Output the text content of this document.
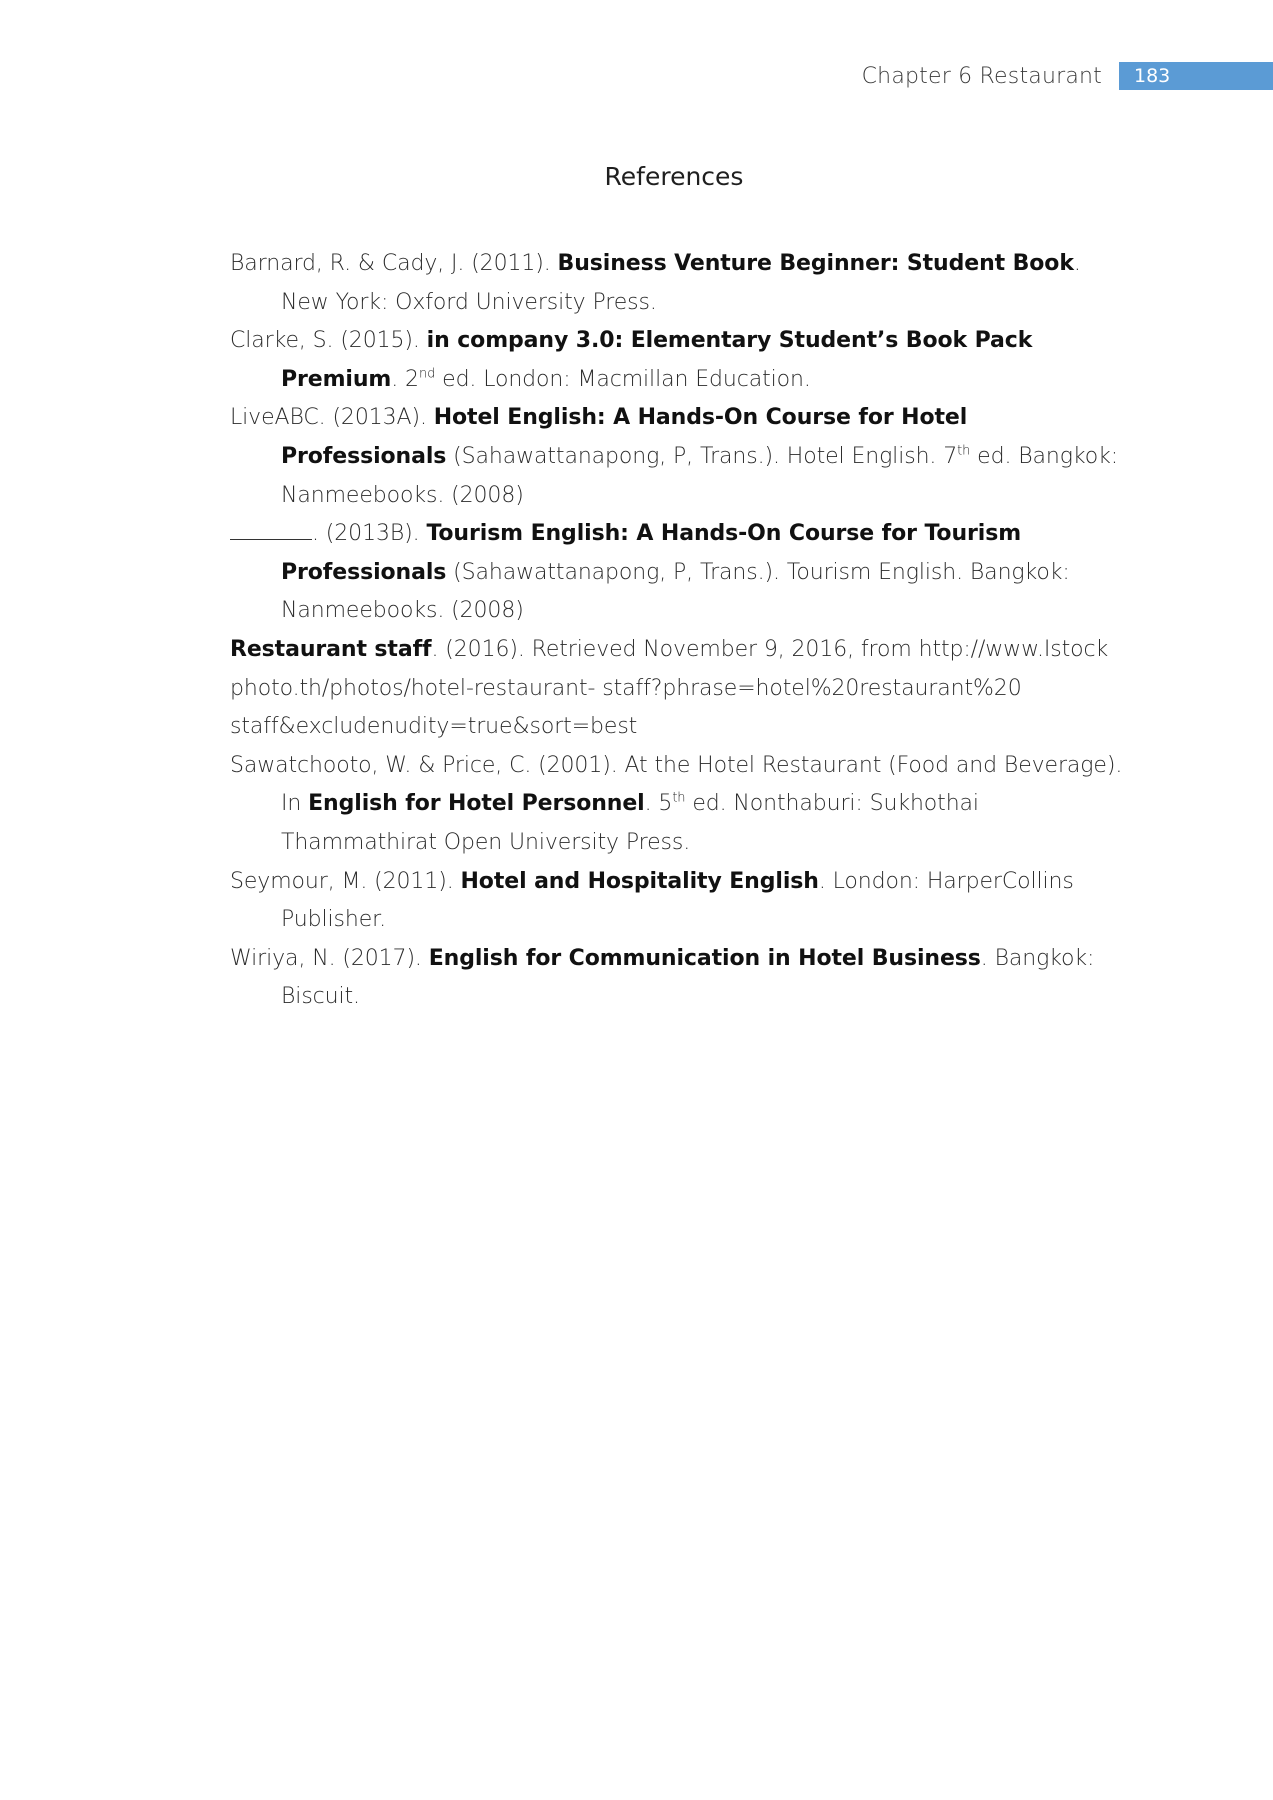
Chapter 6 Restaurant	183
References
Barnard, R. & Cady, J. (2011). Business Venture Beginner: Student Book. New York: Oxford University Press.
Clarke, S. (2015). in company 3.0: Elementary Student’s Book Pack Premium. 2nd ed. London: Macmillan Education.
LiveABC. (2013A). Hotel English: A Hands-On Course for Hotel Professionals (Sahawattanapong, P, Trans.). Hotel English. 7th ed. Bangkok: Nanmeebooks. (2008)
. (2013B). Tourism English: A Hands-On Course for Tourism Professionals (Sahawattanapong, P, Trans.). Tourism English. Bangkok: Nanmeebooks. (2008)
Restaurant staff. (2016). Retrieved November 9, 2016, from http://www.Istock
photo.th/photos/hotel-restaurant- staff?phrase=hotel%20restaurant%20
staff&excludenudity=true&sort=best
Sawatchooto, W. & Price, C. (2001). At the Hotel Restaurant (Food and Beverage). In English for Hotel Personnel. 5th ed. Nonthaburi: Sukhothai Thammathirat Open University Press.
Seymour, M. (2011). Hotel and Hospitality English. London: HarperCollins Publisher.
Wiriya, N. (2017). English for Communication in Hotel Business. Bangkok: Biscuit.
